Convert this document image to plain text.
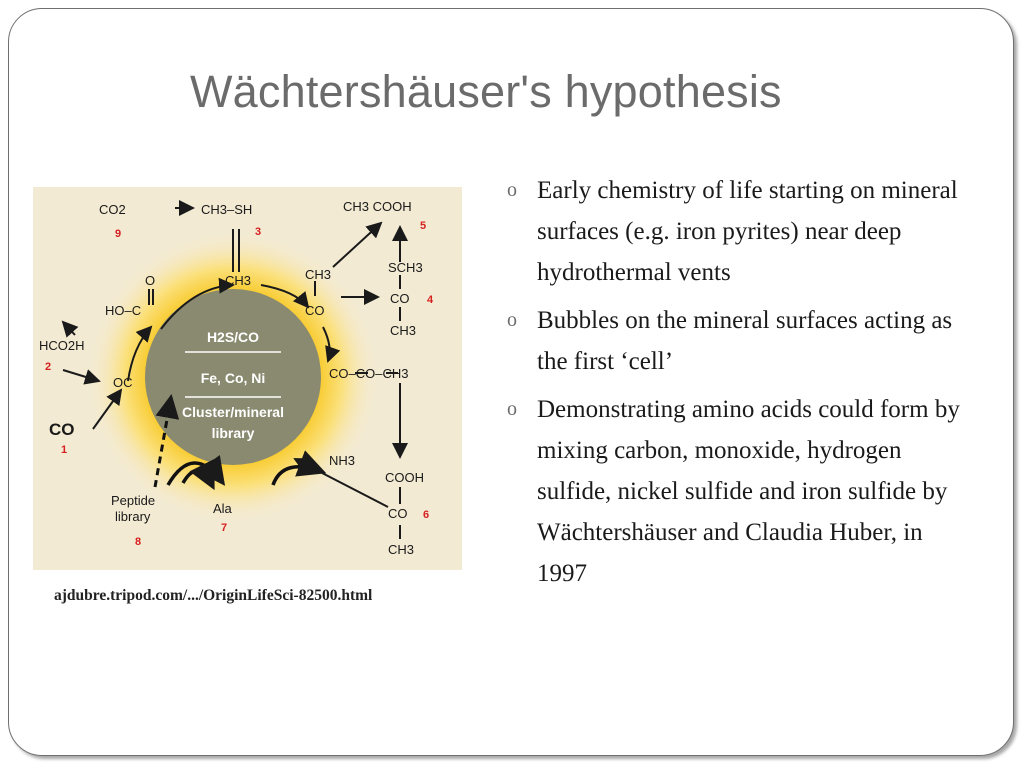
Wächtershäuser's hypothesis
H2S/CO
Fe, Co, Ni
Cluster/mineral
library
CO2	CH3–SH	CH3 COOH
O
HO–C
CH3	CH3
CO
SCH3
CO
CH3
HCO2H
OC
CO–CO–CH3
NH3
COOH
CO
CH3
Peptide
library
Ala
CO
9	3	5
4
2
1
6
8
7
ajdubre.tripod.com/.../OriginLifeSci-82500.html
o Early chemistry of life starting on mineral surfaces (e.g. iron pyrites) near deep hydrothermal vents
o Bubbles on the mineral surfaces acting as the first ‘cell’
o Demonstrating amino acids could form by mixing carbon, monoxide, hydrogen sulfide, nickel sulfide and iron sulfide by Wächtershäuser and Claudia Huber, in 1997
